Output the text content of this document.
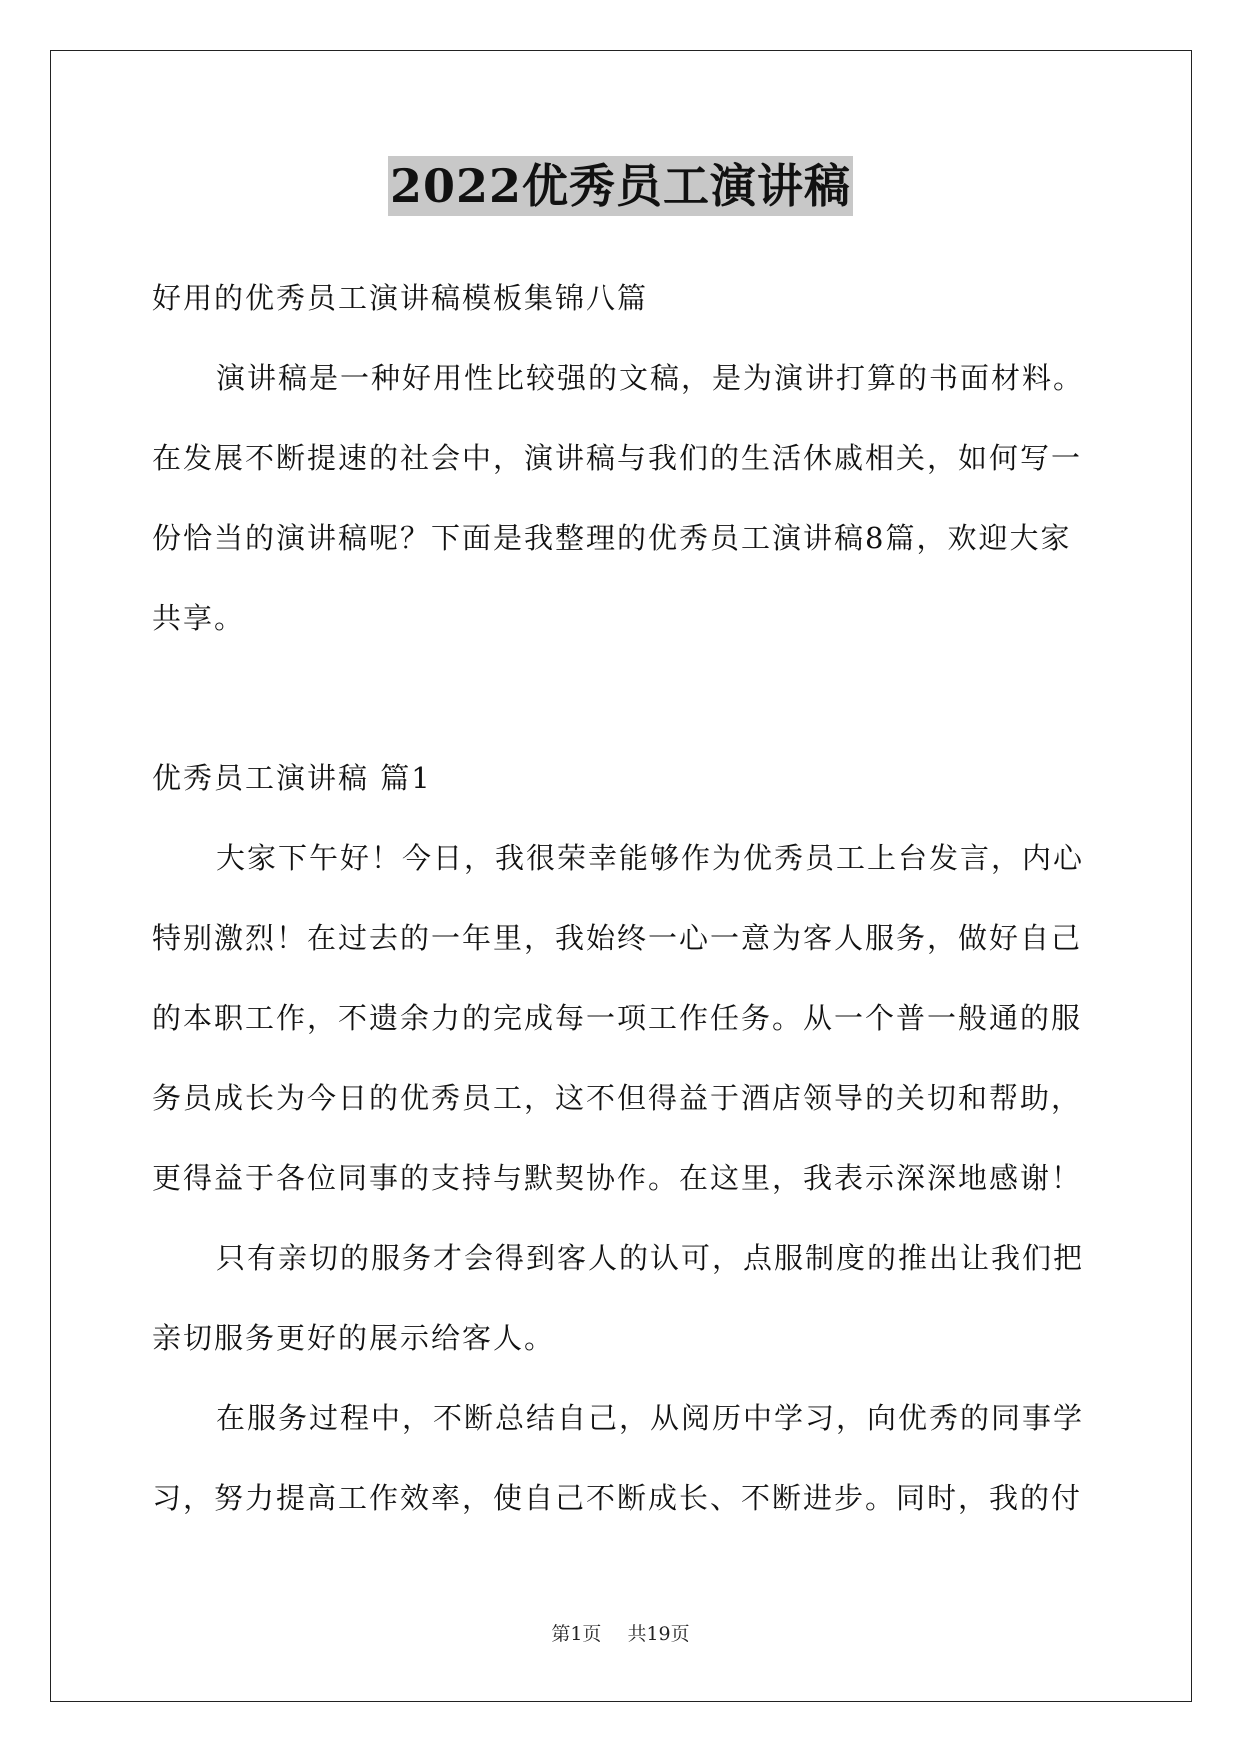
2022优秀员工演讲稿
好用的优秀员工演讲稿模板集锦八篇
演讲稿是一种好用性比较强的文稿，是为演讲打算的书面材料。
在发展不断提速的社会中，演讲稿与我们的生活休戚相关，如何写一
份恰当的演讲稿呢？下面是我整理的优秀员工演讲稿8篇，欢迎大家
共享。
优秀员工演讲稿 篇1
大家下午好！今日，我很荣幸能够作为优秀员工上台发言，内心
特别激烈！在过去的一年里，我始终一心一意为客人服务，做好自己
的本职工作，不遗余力的完成每一项工作任务。从一个普一般通的服
务员成长为今日的优秀员工，这不但得益于酒店领导的关切和帮助，
更得益于各位同事的支持与默契协作。在这里，我表示深深地感谢！
只有亲切的服务才会得到客人的认可，点服制度的推出让我们把
亲切服务更好的展示给客人。
在服务过程中，不断总结自己，从阅历中学习，向优秀的同事学
习，努力提高工作效率，使自己不断成长、不断进步。同时，我的付
第1页 共19页
